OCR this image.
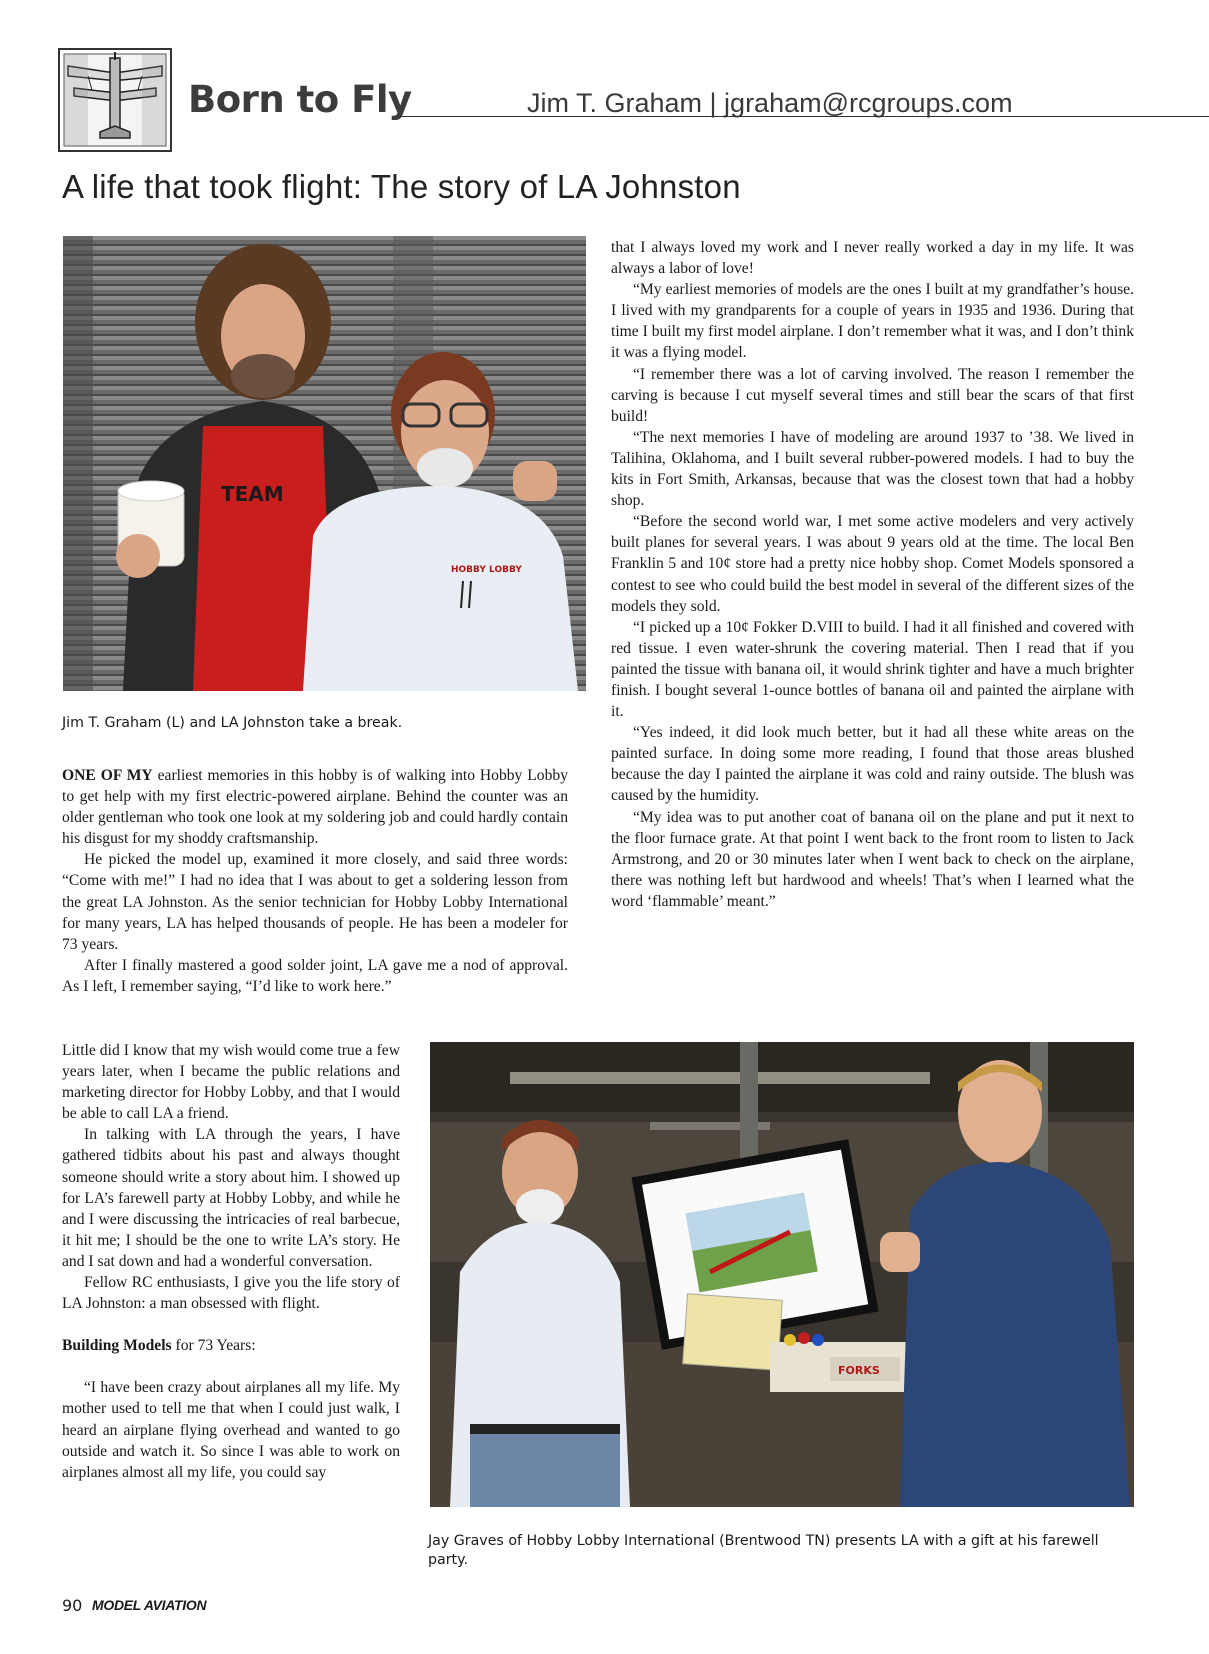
Born to Fly	Jim T. Graham | jgraham@rcgroups.com
A life that took flight: The story of LA Johnston
TEAM
HOBBY LOBBY
Jim T. Graham (L) and LA Johnston take a break.

ONE OF MY earliest memories in this hobby is of walking into Hobby Lobby to get help with my first electric-powered airplane. Behind the counter was an older gentleman who took one look at my soldering job and could hardly contain his disgust for my shoddy craftsmanship.

He picked the model up, examined it more closely, and said three words: “Come with me!” I had no idea that I was about to get a soldering lesson from the great LA Johnston. As the senior technician for Hobby Lobby International for many years, LA has helped thousands of people. He has been a modeler for 73 years.

After I finally mastered a good solder joint, LA gave me a nod of approval. As I left, I remember saying, “I’d like to work here.”

Little did I know that my wish would come true a few years later, when I became the public relations and marketing director for Hobby Lobby, and that I would be able to call LA a friend.

In talking with LA through the years, I have gathered tidbits about his past and always thought someone should write a story about him. I showed up for LA’s farewell party at Hobby Lobby, and while he and I were discussing the intricacies of real barbecue, it hit me; I should be the one to write LA’s story. He and I sat down and had a wonderful conversation.

Fellow RC enthusiasts, I give you the life story of LA Johnston: a man obsessed with flight.

Building Models for 73 Years:

“I have been crazy about airplanes all my life. My mother used to tell me that when I could just walk, I heard an airplane flying overhead and wanted to go outside and watch it. So since I was able to work on airplanes almost all my life, you could say

that I always loved my work and I never really worked a day in my life. It was always a labor of love!

“My earliest memories of models are the ones I built at my grandfather’s house. I lived with my grandparents for a couple of years in 1935 and 1936. During that time I built my first model airplane. I don’t remember what it was, and I don’t think it was a flying model.

“I remember there was a lot of carving involved. The reason I remember the carving is because I cut myself several times and still bear the scars of that first build!

“The next memories I have of modeling are around 1937 to ’38. We lived in Talihina, Oklahoma, and I built several rubber-powered models. I had to buy the kits in Fort Smith, Arkansas, because that was the closest town that had a hobby shop.

“Before the second world war, I met some active modelers and very actively built planes for several years. I was about 9 years old at the time. The local Ben Franklin 5 and 10¢ store had a pretty nice hobby shop. Comet Models sponsored a contest to see who could build the best model in several of the different sizes of the models they sold.

“I picked up a 10¢ Fokker D.VIII to build. I had it all finished and covered with red tissue. I even water-shrunk the covering material. Then I read that if you painted the tissue with banana oil, it would shrink tighter and have a much brighter finish. I bought several 1-ounce bottles of banana oil and painted the airplane with it.

“Yes indeed, it did look much better, but it had all these white areas on the painted surface. In doing some more reading, I found that those areas blushed because the day I painted the airplane it was cold and rainy outside. The blush was caused by the humidity.

“My idea was to put another coat of banana oil on the plane and put it next to the floor furnace grate. At that point I went back to the front room to listen to Jack Armstrong, and 20 or 30 minutes later when I went back to check on the airplane, there was nothing left but hardwood and wheels! That’s when I learned what the word ‘flammable’ meant.”

FORKS
Jay Graves of Hobby Lobby International (Brentwood TN) presents LA with a gift at his farewell party.
90 MODEL AVIATION
